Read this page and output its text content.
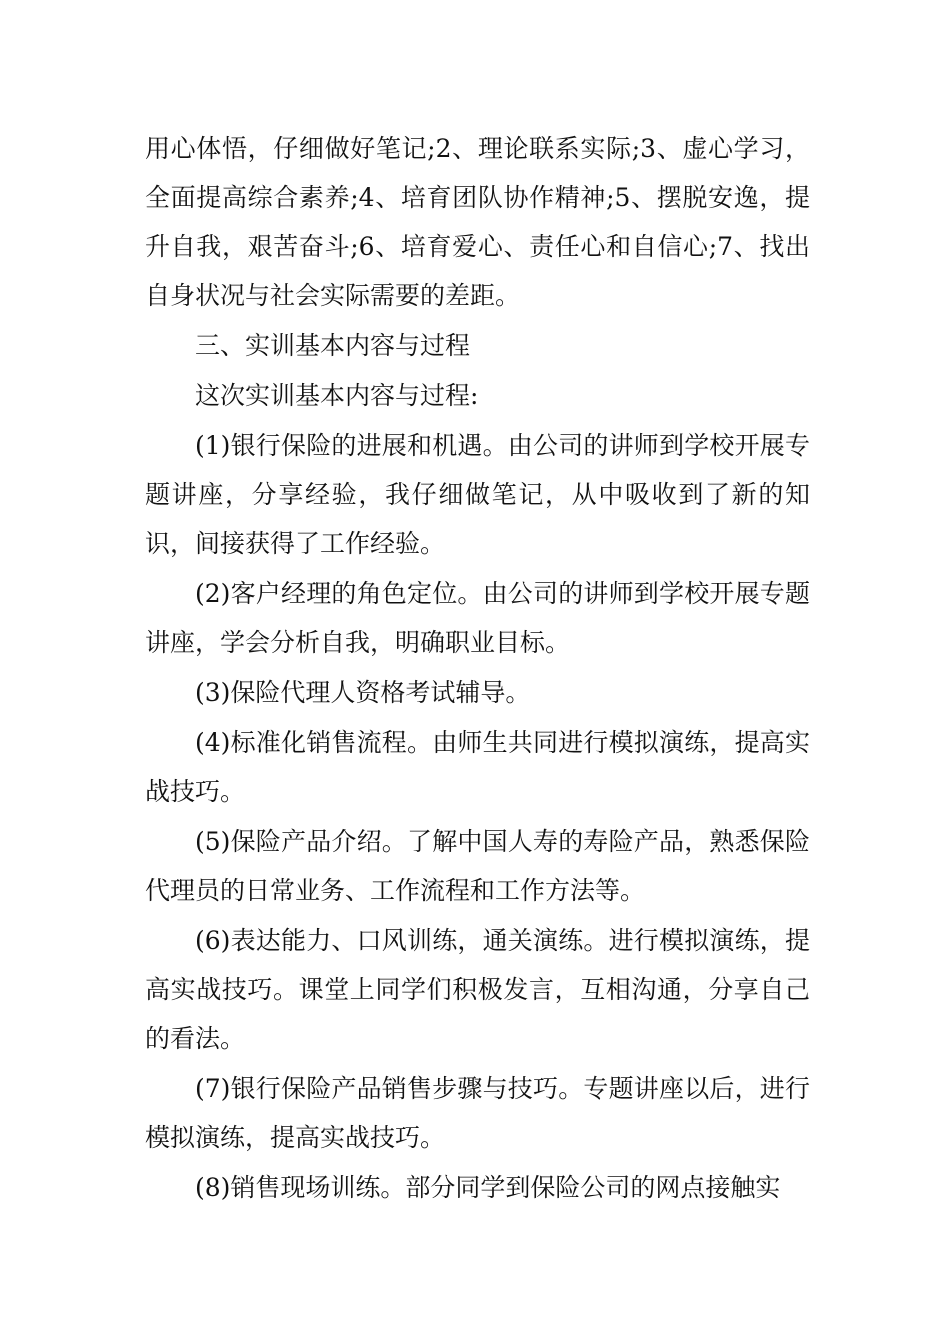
用心体悟，仔细做好笔记;2、理论联系实际;3、虚心学习，全面提高综合素养;4、培育团队协作精神;5、摆脱安逸，提升自我，艰苦奋斗;6、培育爱心、责任心和自信心;7、找出自身状况与社会实际需要的差距。

三、实训基本内容与过程

这次实训基本内容与过程:

(1)银行保险的进展和机遇。由公司的讲师到学校开展专题讲座，分享经验，我仔细做笔记，从中吸收到了新的知识，间接获得了工作经验。

(2)客户经理的角色定位。由公司的讲师到学校开展专题讲座，学会分析自我，明确职业目标。

(3)保险代理人资格考试辅导。

(4)标准化销售流程。由师生共同进行模拟演练，提高实战技巧。

(5)保险产品介绍。了解中国人寿的寿险产品，熟悉保险代理员的日常业务、工作流程和工作方法等。

(6)表达能力、口风训练，通关演练。进行模拟演练，提高实战技巧。课堂上同学们积极发言，互相沟通，分享自己的看法。

(7)银行保险产品销售步骤与技巧。专题讲座以后，进行模拟演练，提高实战技巧。

(8)销售现场训练。部分同学到保险公司的网点接触实
